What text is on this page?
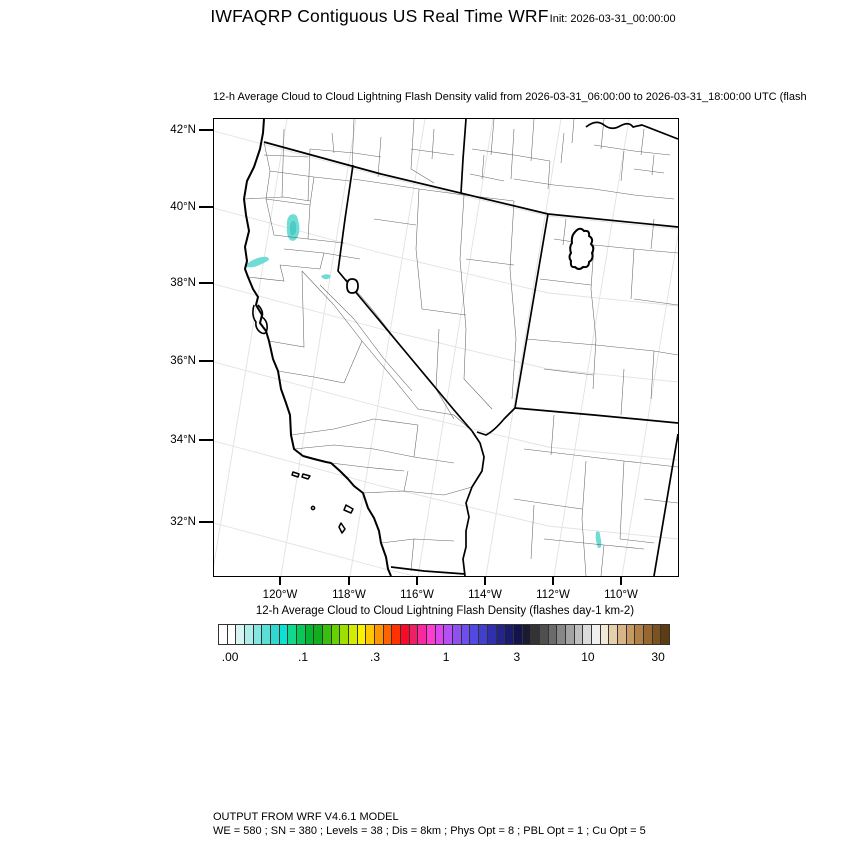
IWFAQRP Contiguous US Real Time WRF Init: 2026-03-31_00:00:00
12-h Average Cloud to Cloud Lightning Flash Density valid from 2026-03-31_06:00:00 to 2026-03-31_18:00:00 UTC (flash
42°N
40°N
38°N
36°N
34°N
32°N
120°W	118°W	116°W	114°W	112°W	110°W
12-h Average Cloud to Cloud Lightning Flash Density (flashes day-1 km-2)
.00	.1	.3	1	3	10	30
OUTPUT FROM WRF V4.6.1 MODEL
WE = 580 ; SN = 380 ; Levels = 38 ; Dis = 8km ; Phys Opt = 8 ; PBL Opt = 1 ; Cu Opt = 5
